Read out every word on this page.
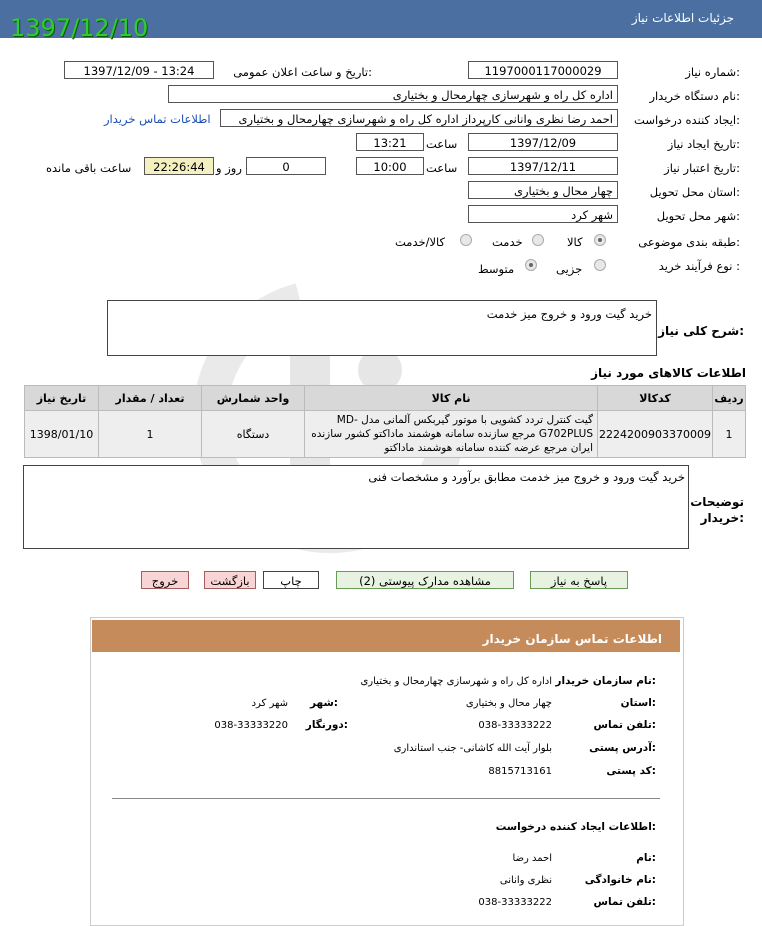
جزئیات اطلاعات نیاز
1397/12/10
شماره نیاز:
1197000117000029
تاریخ و ساعت اعلان عمومی:
1397/12/09 - 13:24
نام دستگاه خریدار:
اداره کل راه و شهرسازی چهارمحال و بختیاری
ایجاد کننده درخواست:
احمد رضا نظری وانانی کارپرداز اداره کل راه و شهرسازی چهارمحال و بختیاری
اطلاعات تماس خریدار
تاریخ ایجاد نیاز:
1397/12/09
ساعت
13:21
تاریخ اعتبار نیاز:
1397/12/11
ساعت
10:00
0
روز و
22:26:44
ساعت باقی مانده
استان محل تحویل:
چهار محال و بختیاری
شهر محل تحویل:
شهر کرد
طبقه بندی موضوعی:
کالا
خدمت
کالا/خدمت
نوع فرآیند خرید :
جزیی
متوسط
شرح کلی نیاز:
خرید گیت ورود و خروج میز خدمت
اطلاعات کالاهای مورد نیاز
ردیف	کدکالا	نام کالا	واحد شمارش	تعداد / مقدار	تاریخ نیاز
1	2224200903370009	گیت کنترل تردد کشویی با موتور گیربکس آلمانی مدل -MD G702PLUS مرجع سازنده سامانه هوشمند ماداکتو کشور سازنده ایران مرجع عرضه کننده سامانه هوشمند ماداکتو	دستگاه	1	1398/01/10
توضیحات خریدار:
خرید گیت ورود و خروج میز خدمت مطابق برآورد و مشخصات فنی
پاسخ به نیاز
مشاهده مدارک پیوستی (2)
چاپ
بازگشت
خروج
اطلاعات تماس سازمان خریدار
نام سازمان خریدار:
اداره کل راه و شهرسازی چهارمحال و بختیاری
استان:
چهار محال و بختیاری
شهر:
شهر کرد
تلفن تماس:
038-33333222
دورنگار:
038-33333220
آدرس پستی:
بلوار آیت الله کاشانی- جنب استانداری
کد پستی:
8815713161
اطلاعات ایجاد کننده درخواست:
نام:
احمد رضا
نام خانوادگی:
نظری وانانی
تلفن تماس:
038-33333222
